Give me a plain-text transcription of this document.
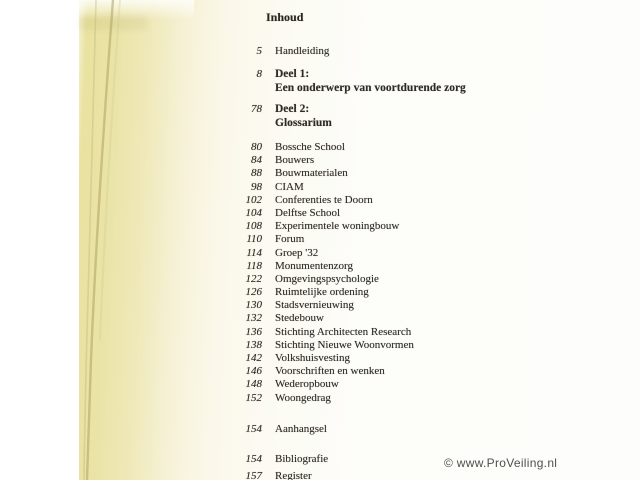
Inhoud
5 Handleiding
8 Deel 1:
Een onderwerp van voortdurende zorg
78 Deel 2:
Glossarium
80 Bossche School
84 Bouwers
88 Bouwmaterialen
98 CIAM
102 Conferenties te Doorn
104 Delftse School
108 Experimentele woningbouw
110 Forum
114 Groep '32
118 Monumentenzorg
122 Omgevingspsychologie
126 Ruimtelijke ordening
130 Stadsvernieuwing
132 Stedebouw
136 Stichting Architecten Research
138 Stichting Nieuwe Woonvormen
142 Volkshuisvesting
146 Voorschriften en wenken
148 Wederopbouw
152 Woongedrag
154 Aanhangsel
154 Bibliografie
157 Register
© www.ProVeiling.nl
